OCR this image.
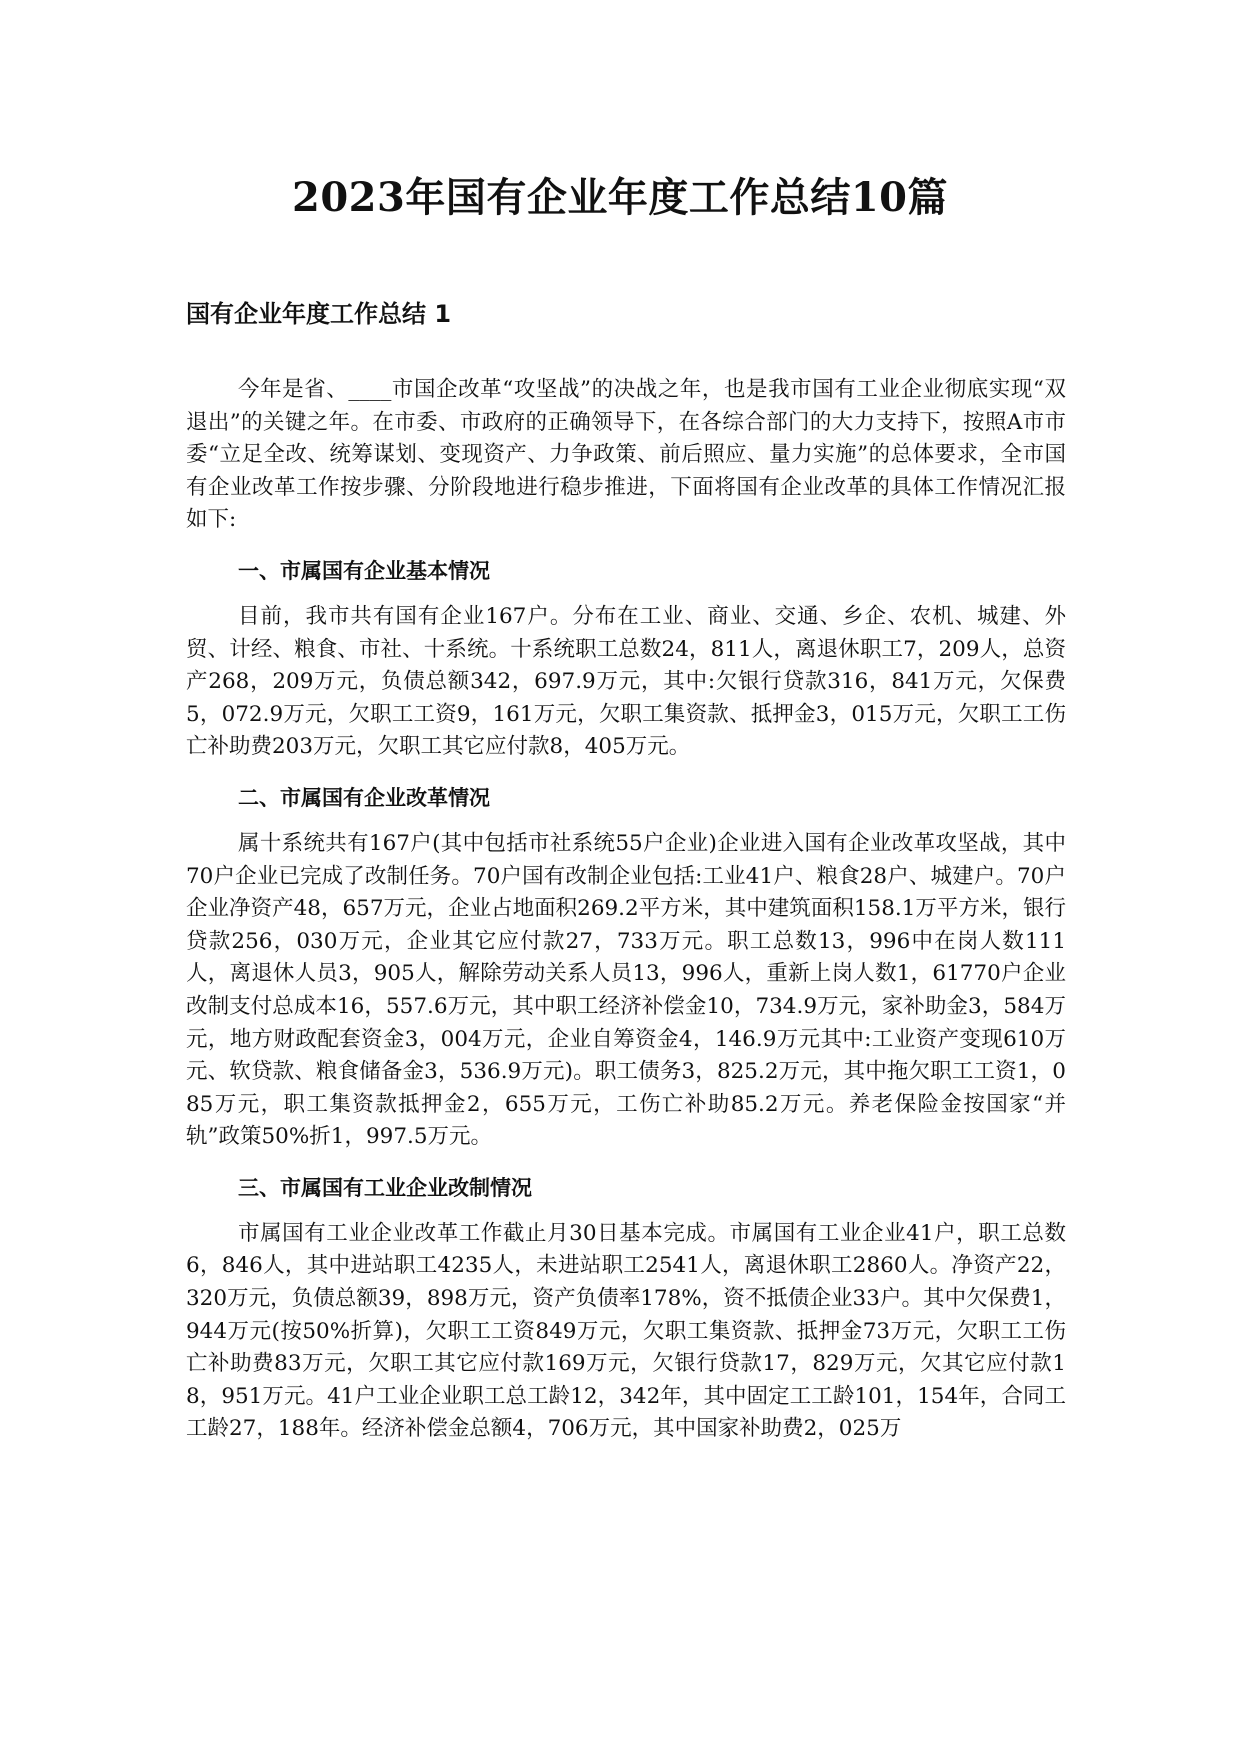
2023年国有企业年度工作总结10篇
国有企业年度工作总结 1

今年是省、____市国企改革“攻坚战”的决战之年，也是我市国有工业企业彻底实现“双退出”的关键之年。在市委、市政府的正确领导下，在各综合部门的大力支持下，按照A市市委“立足全改、统筹谋划、变现资产、力争政策、前后照应、量力实施”的总体要求，全市国有企业改革工作按步骤、分阶段地进行稳步推进，下面将国有企业改革的具体工作情况汇报如下:

一、市属国有企业基本情况

目前，我市共有国有企业167户。分布在工业、商业、交通、乡企、农机、城建、外贸、计经、粮食、市社、十系统。十系统职工总数24，811人，离退休职工7，209人，总资产268，209万元，负债总额342，697.9万元，其中:欠银行贷款316，841万元，欠保费5，072.9万元，欠职工工资9，161万元，欠职工集资款、抵押金3，015万元，欠职工工伤亡补助费203万元，欠职工其它应付款8，405万元。

二、市属国有企业改革情况

属十系统共有167户(其中包括市社系统55户企业)企业进入国有企业改革攻坚战，其中70户企业已完成了改制任务。70户国有改制企业包括:工业41户、粮食28户、城建户。70户企业净资产48，657万元，企业占地面积269.2平方米，其中建筑面积158.1万平方米，银行贷款256，030万元，企业其它应付款27，733万元。职工总数13，996中在岗人数111人，离退休人员3，905人，解除劳动关系人员13，996人，重新上岗人数1，61770户企业改制支付总成本16，557.6万元，其中职工经济补偿金10，734.9万元，家补助金3，584万元，地方财政配套资金3，004万元，企业自筹资金4，146.9万元其中:工业资产变现610万元、软贷款、粮食储备金3，536.9万元)。职工债务3，825.2万元，其中拖欠职工工资1，085万元，职工集资款抵押金2，655万元，工伤亡补助85.2万元。养老保险金按国家“并轨”政策50%折1，997.5万元。

三、市属国有工业企业改制情况

市属国有工业企业改革工作截止月30日基本完成。市属国有工业企业41户，职工总数6，846人，其中进站职工4235人，未进站职工2541人，离退休职工2860人。净资产22，320万元，负债总额39，898万元，资产负债率178%，资不抵债企业33户。其中欠保费1，944万元(按50%折算)，欠职工工资849万元，欠职工集资款、抵押金73万元，欠职工工伤亡补助费83万元，欠职工其它应付款169万元，欠银行贷款17，829万元，欠其它应付款18，951万元。41户工业企业职工总工龄12，342年，其中固定工工龄101，154年，合同工工龄27，188年。经济补偿金总额4，706万元，其中国家补助费2，025万
